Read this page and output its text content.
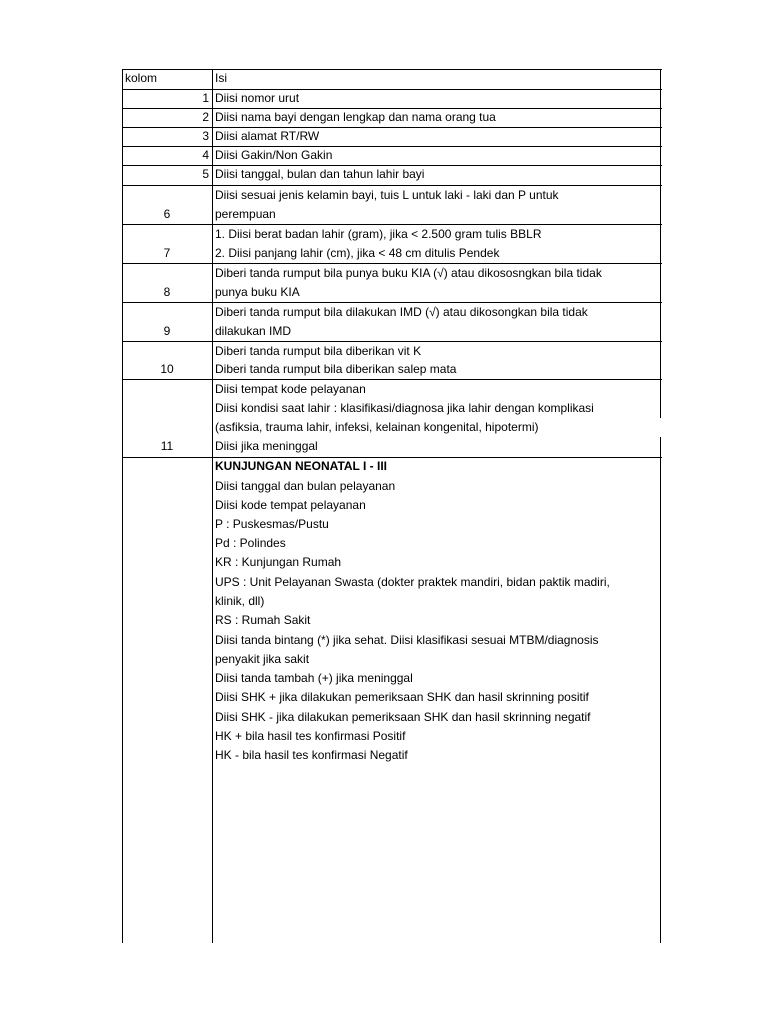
kolom	Isi
1 Diisi nomor urut
2 Diisi nama bayi dengan lengkap dan nama orang tua
3 Diisi alamat RT/RW
4 Diisi Gakin/Non Gakin
5 Diisi tanggal, bulan dan tahun lahir bayi
6
Diisi sesuai jenis kelamin bayi, tuis L untuk laki - laki dan P untuk
perempuan
7
1. Diisi berat badan lahir (gram), jika < 2.500 gram tulis BBLR
2. Diisi panjang lahir (cm), jika < 48 cm ditulis Pendek
8
Diberi tanda rumput bila punya buku KIA (√) atau dikososngkan bila tidak
punya buku KIA
9
Diberi tanda rumput bila dilakukan IMD (√) atau dikosongkan bila tidak
dilakukan IMD
10
Diberi tanda rumput bila diberikan vit K
Diberi tanda rumput bila diberikan salep mata
11
Diisi tempat kode pelayanan
Diisi kondisi saat lahir : klasifikasi/diagnosa jika lahir dengan komplikasi
(asfiksia, trauma lahir, infeksi, kelainan kongenital, hipotermi)
Diisi jika meninggal
KUNJUNGAN NEONATAL I - III
Diisi tanggal dan bulan pelayanan
Diisi kode tempat pelayanan
P : Puskesmas/Pustu
Pd : Polindes
KR : Kunjungan Rumah
UPS : Unit Pelayanan Swasta (dokter praktek mandiri, bidan paktik madiri,
klinik, dll)
RS : Rumah Sakit
Diisi tanda bintang (*) jika sehat. Diisi klasifikasi sesuai MTBM/diagnosis
penyakit jika sakit
Diisi tanda tambah (+) jika meninggal
Diisi SHK + jika dilakukan pemeriksaan SHK dan hasil skrinning positif
Diisi SHK - jika dilakukan pemeriksaan SHK dan hasil skrinning negatif
HK + bila hasil tes konfirmasi Positif
HK - bila hasil tes konfirmasi Negatif
